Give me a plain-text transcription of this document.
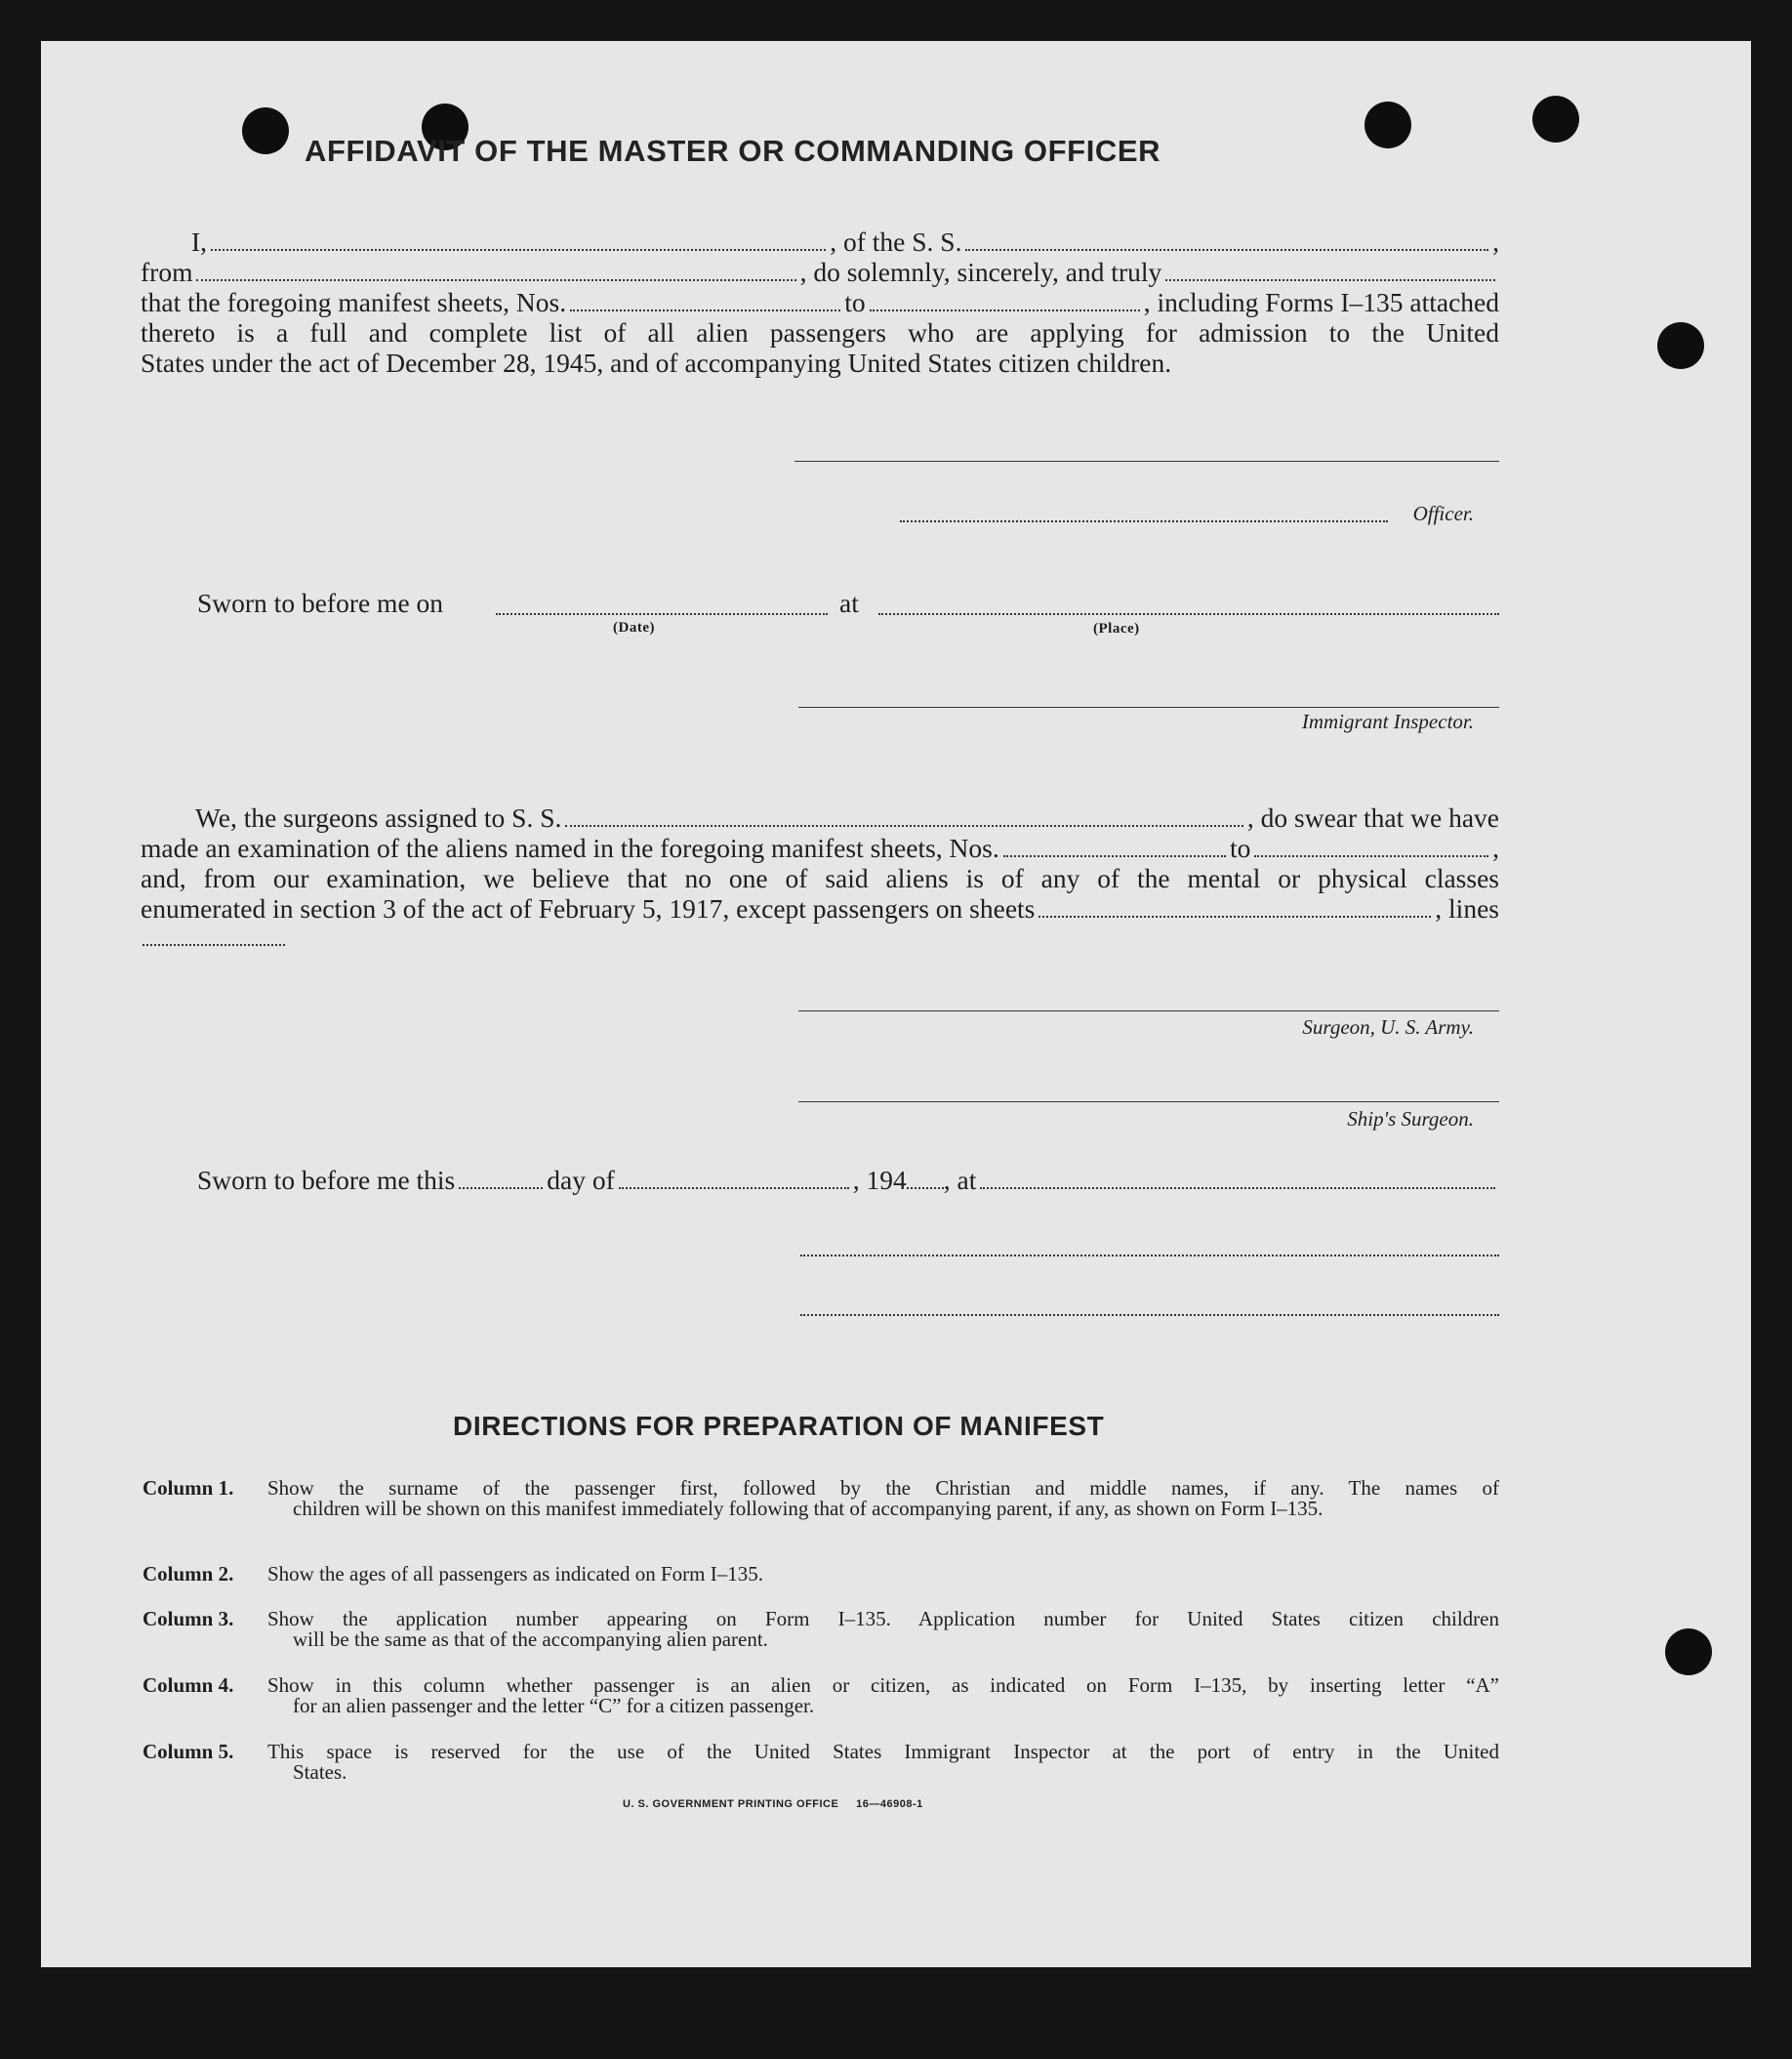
AFFIDAVIT OF THE MASTER OR COMMANDING OFFICER
I,	, of the S. S.	,
from	, do solemnly, sincerely, and truly
that the foregoing manifest sheets, Nos.	to	, including Forms I–135 attached
thereto is a full and complete list of all alien passengers who are applying for admission to the United
States under the act of December 28, 1945, and of accompanying United States citizen children.
Officer.
Sworn to before me on	at
(Date)	(Place)
Immigrant Inspector.
We, the surgeons assigned to S. S.	, do swear that we have
made an examination of the aliens named in the foregoing manifest sheets, Nos.	to	,
and, from our examination, we believe that no one of said aliens is of any of the mental or physical classes
enumerated in section 3 of the act of February 5, 1917, except passengers on sheets	, lines
Surgeon, U. S. Army.
Ship's Surgeon.
Sworn to before me this	day of	, 194 , at
DIRECTIONS FOR PREPARATION OF MANIFEST
Column 1. Show the surname of the passenger first, followed by the Christian and middle names, if any. The names of
children will be shown on this manifest immediately following that of accompanying parent, if any, as shown on Form I–135.
Column 2. Show the ages of all passengers as indicated on Form I–135.
Column 3. Show the application number appearing on Form I–135. Application number for United States citizen children
will be the same as that of the accompanying alien parent.
Column 4. Show in this column whether passenger is an alien or citizen, as indicated on Form I–135, by inserting letter “A”
for an alien passenger and the letter “C” for a citizen passenger.
Column 5. This space is reserved for the use of the United States Immigrant Inspector at the port of entry in the United
States.
U. S. GOVERNMENT PRINTING OFFICE     16—46908-1
